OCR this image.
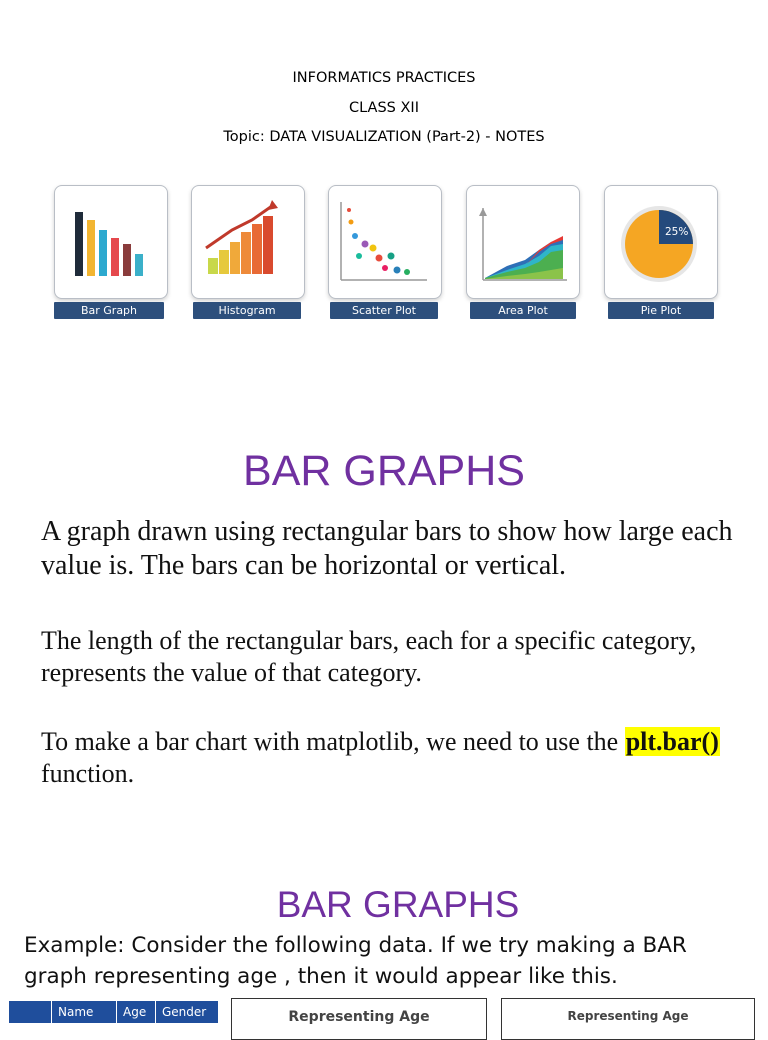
INFORMATICS PRACTICES
CLASS XII
Topic: DATA VISUALIZATION (Part-2) - NOTES
Bar Graph	Histogram	Scatter Plot	Area Plot
25%
Pie Plot
BAR GRAPHS
A graph drawn using rectangular bars to show how large each value is. The bars can be horizontal or vertical.
The length of the rectangular bars, each for a specific category, represents the value of that category.
To make a bar chart with matplotlib, we need to use the plt.bar() function.
BAR GRAPHS
Example: Consider the following data. If we try making a BAR graph representing age , then it would appear like this.
	Name	Age	Gender	Representing Age	Representing Age
